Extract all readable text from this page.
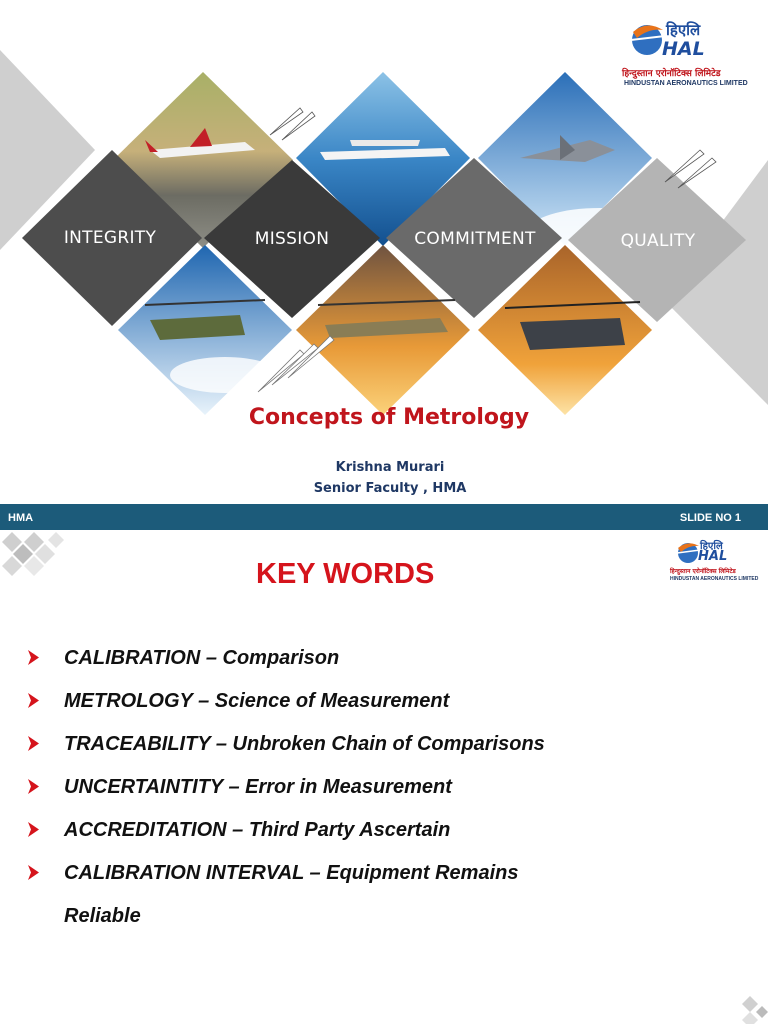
INTEGRITY	MISSION	COMMITMENT	QUALITY
हिएलि
HAL
हिन्दुस्तान एरोनॉटिक्स लिमिटेड
HINDUSTAN AERONAUTICS LIMITED
Concepts of Metrology
Krishna Murari
Senior Faculty , HMA
HMA	SLIDE NO 1
हिएलि
HAL
हिन्दुस्तान एरोनॉटिक्स लिमिटेड
HINDUSTAN AERONAUTICS LIMITED
KEY WORDS
CALIBRATION – Comparison
METROLOGY – Science of Measurement
TRACEABILITY – Unbroken Chain of Comparisons
UNCERTAINTITY – Error in Measurement
ACCREDITATION – Third Party Ascertain
CALIBRATION INTERVAL – Equipment Remains
Reliable
